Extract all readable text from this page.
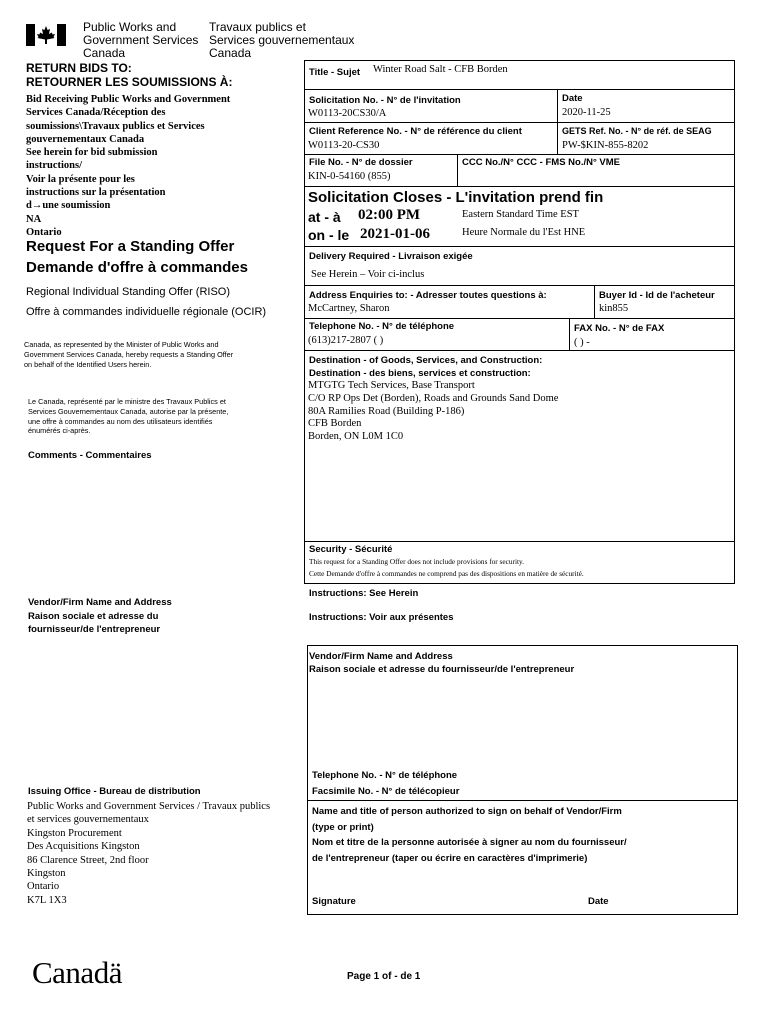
Public Works and
Government Services
Canada
Travaux publics et
Services gouvernementaux
Canada
RETURN BIDS TO:
RETOURNER LES SOUMISSIONS À:
Bid Receiving Public Works and Government
Services Canada/Réception des
soumissions\Travaux publics et Services
gouvernementaux Canada
See herein for bid submission
instructions/
Voir la présente pour les
instructions sur la présentation
d→une soumission
NA
Ontario
Request For a Standing Offer
Demande d'offre à commandes
Regional Individual Standing Offer (RISO)
Offre à commandes individuelle régionale (OCIR)
Canada, as represented by the Minister of Public Works and
Government Services Canada, hereby requests a Standing Offer
on behalf of the Identified Users herein.
Le Canada, représenté par le ministre des Travaux Publics et
Services Gouvernementaux Canada, autorise par la présente,
une offre à commandes au nom des utilisateurs identifiés
énumérés ci-après.
Comments - Commentaires
Vendor/Firm Name and Address
Raison sociale et adresse du
fournisseur/de l'entrepreneur
Issuing Office - Bureau de distribution
Public Works and Government Services / Travaux publics
et services gouvernementaux
Kingston Procurement
Des Acquisitions Kingston
86 Clarence Street, 2nd floor
Kingston
Ontario
K7L 1X3
Title - Sujet Winter Road Salt - CFB Borden
Solicitation No. - N° de l'invitation
W0113-20CS30/A
Date
2020-11-25
Client Reference No. - N° de référence du client
W0113-20-CS30
GETS Ref. No. - N° de réf. de SEAG
PW-$KIN-855-8202
File No. - N° de dossier
KIN-0-54160 (855)
CCC No./N° CCC - FMS No./N° VME
Solicitation Closes - L'invitation prend fin
at - à 02:00 PM	Eastern Standard Time EST
on - le 2021-01-06	Heure Normale du l'Est HNE
Delivery Required - Livraison exigée
See Herein – Voir ci-inclus
Address Enquiries to: - Adresser toutes questions à:
McCartney, Sharon
Buyer Id - Id de l'acheteur
kin855
Telephone No. - N° de téléphone
(613)217-2807 ( )
FAX No. - N° de FAX
( ) -
Destination - of Goods, Services, and Construction:
Destination - des biens, services et construction:
MTGTG Tech Services, Base Transport
C/O RP Ops Det (Borden), Roads and Grounds Sand Dome
80A Ramilies Road (Building P-186)
CFB Borden
Borden, ON L0M 1C0
Security - Sécurité
This request for a Standing Offer does not include provisions for security.
Cette Demande d'offre à commandes ne comprend pas des dispositions en matière de sécurité.
Instructions: See Herein
Instructions: Voir aux présentes
Vendor/Firm Name and Address
Raison sociale et adresse du fournisseur/de l'entrepreneur
Telephone No. - N° de téléphone
Facsimile No. - N° de télécopieur
Name and title of person authorized to sign on behalf of Vendor/Firm
(type or print)
Nom et titre de la personne autorisée à signer au nom du fournisseur/
de l'entrepreneur (taper ou écrire en caractères d'imprimerie)
Signature	Date
Canadä	Page 1 of - de 1
